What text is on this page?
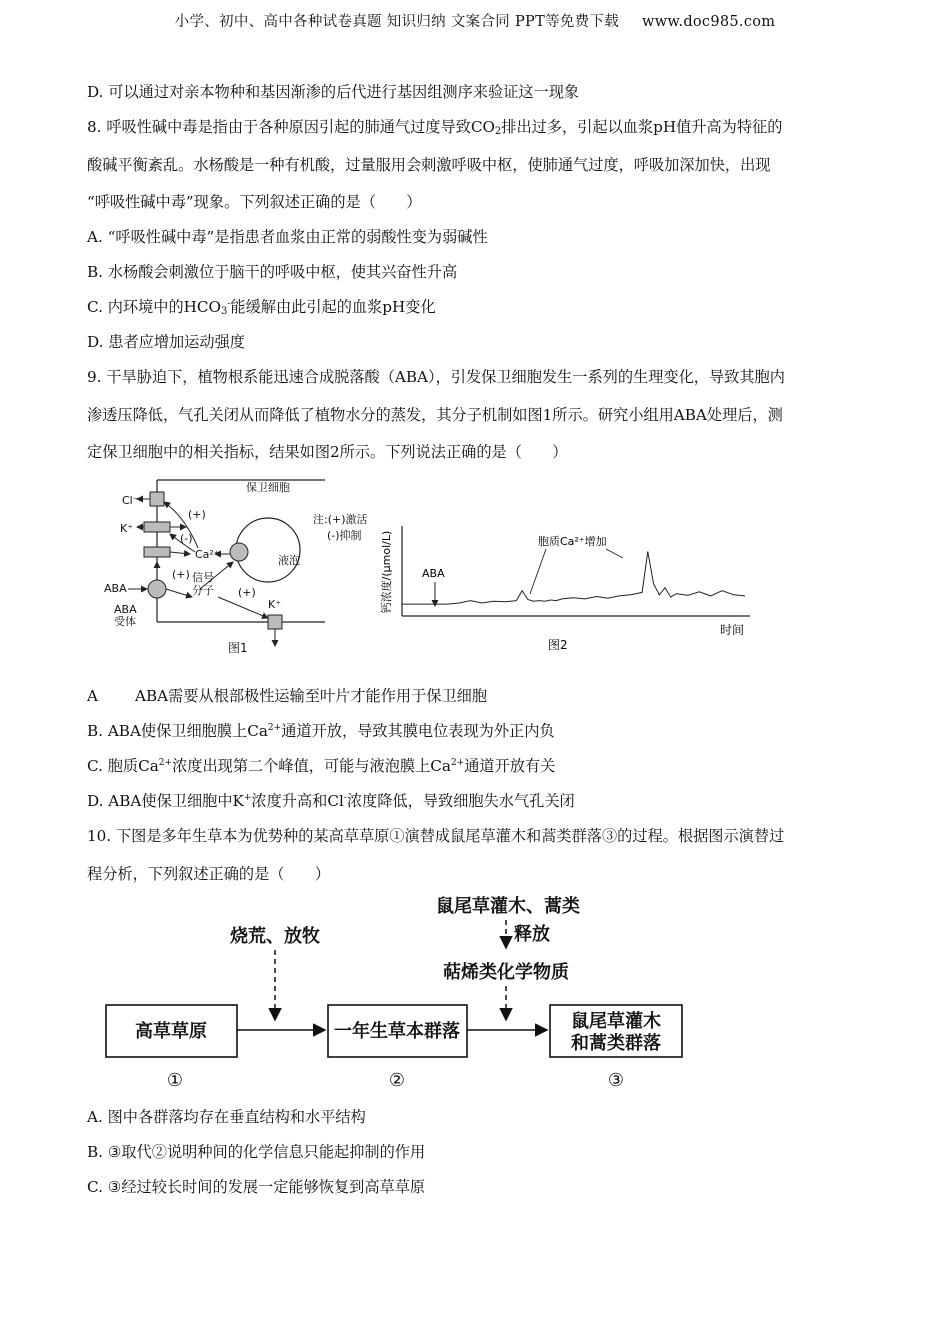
小学、初中、高中各种试卷真题 知识归纳 文案合同 PPT等免费下载 www.doc985.com
D. 可以通过对亲本物种和基因渐渗的后代进行基因组测序来验证这一现象
8. 呼吸性碱中毒是指由于各种原因引起的肺通气过度导致$CO_2$排出过多，引起以血浆pH值升高为特征的
酸碱平衡紊乱。水杨酸是一种有机酸，过量服用会刺激呼吸中枢，使肺通气过度，呼吸加深加快，出现
“呼吸性碱中毒”现象。下列叙述正确的是（　　）
A. “呼吸性碱中毒”是指患者血浆由正常的弱酸性变为弱碱性
B. 水杨酸会刺激位于脑干的呼吸中枢，使其兴奋性升高
C. 内环境中的$HCO_3^-$能缓解由此引起的血浆pH变化
D. 患者应增加运动强度
9. 干旱胁迫下，植物根系能迅速合成脱落酸（ABA），引发保卫细胞发生一系列的生理变化，导致其胞内
渗透压降低，气孔关闭从而降低了植物水分的蒸发，其分子机制如图1所示。研究小组用ABA处理后，测
定保卫细胞中的相关指标，结果如图2所示。下列说法正确的是（　　）
保卫细胞
Cl⁻
K⁺
Ca²⁺
(+)
(-)
(+)
(+)
液泡
信号
分子
ABA
ABA
受体
K⁺
图1
注:(+)激活
(-)抑制	钙浓度/(μmol/L)
时间
ABA
胞质Ca²⁺增加
图2
A ABA需要从根部极性运输至叶片才能作用于保卫细胞
B. ABA使保卫细胞膜上$Ca^{2+}$通道开放，导致其膜电位表现为外正内负
C. 胞质$Ca^{2+}$浓度出现第二个峰值，可能与液泡膜上$Ca^{2+}$通道开放有关
D. ABA使保卫细胞中K+浓度升高和Cl-浓度降低，导致细胞失水气孔关闭
10. 下图是多年生草本为优势种的某高草草原①演替成鼠尾草灌木和蒿类群落③的过程。根据图示演替过
程分析，下列叙述正确的是（　　）
鼠尾草灌木、蒿类
释放
萜烯类化学物质
烧荒、放牧
高草草原	一年生草本群落	鼠尾草灌木
和蒿类群落
①	②	③
A. 图中各群落均存在垂直结构和水平结构
B. ③取代②说明种间的化学信息只能起抑制的作用
C. ③经过较长时间的发展一定能够恢复到高草草原
